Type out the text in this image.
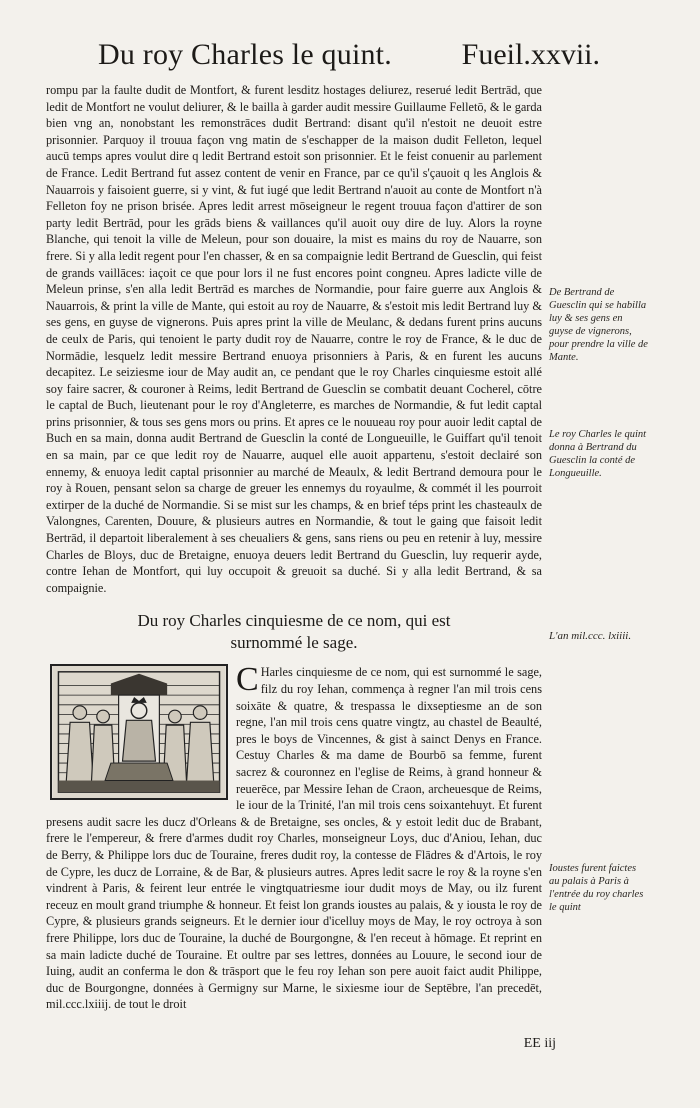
Du roy Charles le quint. Fueil.xxvii.

rompu par la faulte dudit de Montfort, & furent lesditz hostages deliurez, reserué ledit Bertrād, que ledit de Montfort ne voulut deliurer, & le bailla à garder audit messire Guillaume Felletō, & le garda bien vng an, nonobstant les remonstrāces dudit Bertrand: disant qu'il n'estoit ne deuoit estre prisonnier. Parquoy il trouua façon vng matin de s'eschapper de la maison dudit Felleton, lequel aucū temps apres voulut dire q ledit Bertrand estoit son prisonnier. Et le feist conuenir au parlement de France. Ledit Bertrand fut assez content de venir en France, par ce qu'il s'çauoit q les Anglois & Nauarrois y faisoient guerre, si y vint, & fut iugé que ledit Bertrand n'auoit au conte de Montfort n'à Felleton foy ne prison brisée. Apres ledit arrest mōseigneur le regent trouua façon d'attirer de son party ledit Bertrād, pour les grāds biens & vaillances qu'il auoit ouy dire de luy. Alors la royne Blanche, qui tenoit la ville de Meleun, pour son douaire, la mist es mains du roy de Nauarre, son frere. Si y alla ledit regent pour l'en chasser, & en sa compaignie ledit Bertrand de Guesclin, qui feist de grands vaillāces: iaçoit ce que pour lors il ne fust encores point congneu. Apres ladicte ville de Meleun prinse, s'en alla ledit Bertrād es marches de Normandie, pour faire guerre aux Anglois & Nauarrois, & print la ville de Mante, qui estoit au roy de Nauarre, & s'estoit mis ledit Bertrand luy & ses gens, en guyse de vignerons. Puis apres print la ville de Meulanc, & dedans furent prins aucuns de ceulx de Paris, qui tenoient le party dudit roy de Nauarre, contre le roy de France, & le duc de Normādie, lesquelz ledit messire Bertrand enuoya prisonniers à Paris, & en furent les aucuns decapitez. Le seiziesme iour de May audit an, ce pendant que le roy Charles cinquiesme estoit allé soy faire sacrer, & couroner à Reims, ledit Bertrand de Guesclin se combatit deuant Cocherel, cōtre le captal de Buch, lieutenant pour le roy d'Angleterre, es marches de Normandie, & fut ledit captal prins prisonnier, & tous ses gens mors ou prins. Et apres ce le nouueau roy pour auoir ledit captal de Buch en sa main, donna audit Bertrand de Guesclin la conté de Longueuille, le Guiffart qu'il tenoit en sa main, par ce que ledit roy de Nauarre, auquel elle auoit appartenu, s'estoit declairé son ennemy, & enuoya ledit captal prisonnier au marché de Meaulx, & ledit Bertrand demoura pour le roy à Rouen, pensant selon sa charge de greuer les ennemys du royaulme, & commét il les pourroit extirper de la duché de Normandie. Si se mist sur les champs, & en brief téps print les chasteaulx de Valongnes, Carenten, Douure, & plusieurs autres en Normandie, & tout le gaing que faisoit ledit Bertrād, il departoit liberalement à ses cheualiers & gens, sans riens ou peu en retenir à luy, messire Charles de Bloys, duc de Bretaigne, enuoya deuers ledit Bertrand du Guesclin, luy requerir ayde, contre Iehan de Montfort, qui luy occupoit & greuoit sa duché. Si y alla ledit Bertrand, & sa compaignie.

Du roy Charles cinquiesme de ce nom, qui est
surnommé le sage.

C Harles cinquiesme de ce nom, qui est surnommé le sage, filz du roy Iehan, commença à regner l'an mil trois cens soixāte & quatre, & trespassa le dixseptiesme an de son regne, l'an mil trois cens quatre vingtz, au chastel de Beaulté, pres le boys de Vincennes, & gist à sainct Denys en France. Cestuy Charles & ma dame de Bourbō sa femme, furent sacrez & couronnez en l'eglise de Reims, à grand honneur & reuerēce, par Messire Iehan de Craon, archeuesque de Reims, le iour de la Trinité, l'an mil trois cens soixantehuyt. Et furent presens audit sacre les ducz d'Orleans & de Bretaigne, ses oncles, & y estoit ledit duc de Brabant, frere le l'empereur, & frere d'armes dudit roy Charles, monseigneur Loys, duc d'Aniou, Iehan, duc de Berry, & Philippe lors duc de Touraine, freres dudit roy, la contesse de Flādres & d'Artois, le roy de Cypre, les ducz de Lorraine, & de Bar, & plusieurs autres. Apres ledit sacre le roy & la royne s'en vindrent à Paris, & feirent leur entrée le vingtquatriesme iour dudit moys de May, ou ilz furent receuz en moult grand triumphe & honneur. Et feist lon grands ioustes au palais, & y iousta le roy de Cypre, & plusieurs grands seigneurs. Et le dernier iour d'icelluy moys de May, le roy octroya à son frere Philippe, lors duc de Touraine, la duché de Bourgongne, & l'en receut à hōmage. Et reprint en sa main ladicte duché de Touraine. Et oultre par ses lettres, données au Louure, le second iour de Iuing, audit an conferma le don & trāsport que le feu roy Iehan son pere auoit faict audit Philippe, duc de Bourgongne, données à Germigny sur Marne, le sixiesme iour de Septēbre, l'an precedēt, mil.ccc.lxiiij. de tout le droit

EE iij
De Bertrand de Guesclin qui se habilla luy & ses gens en guyse de vignerons, pour prendre la ville de Mante.
Le roy Charles le quint donna à Bertrand du Guesclin la conté de Longueuille.
L'an mil.ccc. lxiiii.
Ioustes furent faictes au palais à Paris à l'entrée du roy charles le quint
